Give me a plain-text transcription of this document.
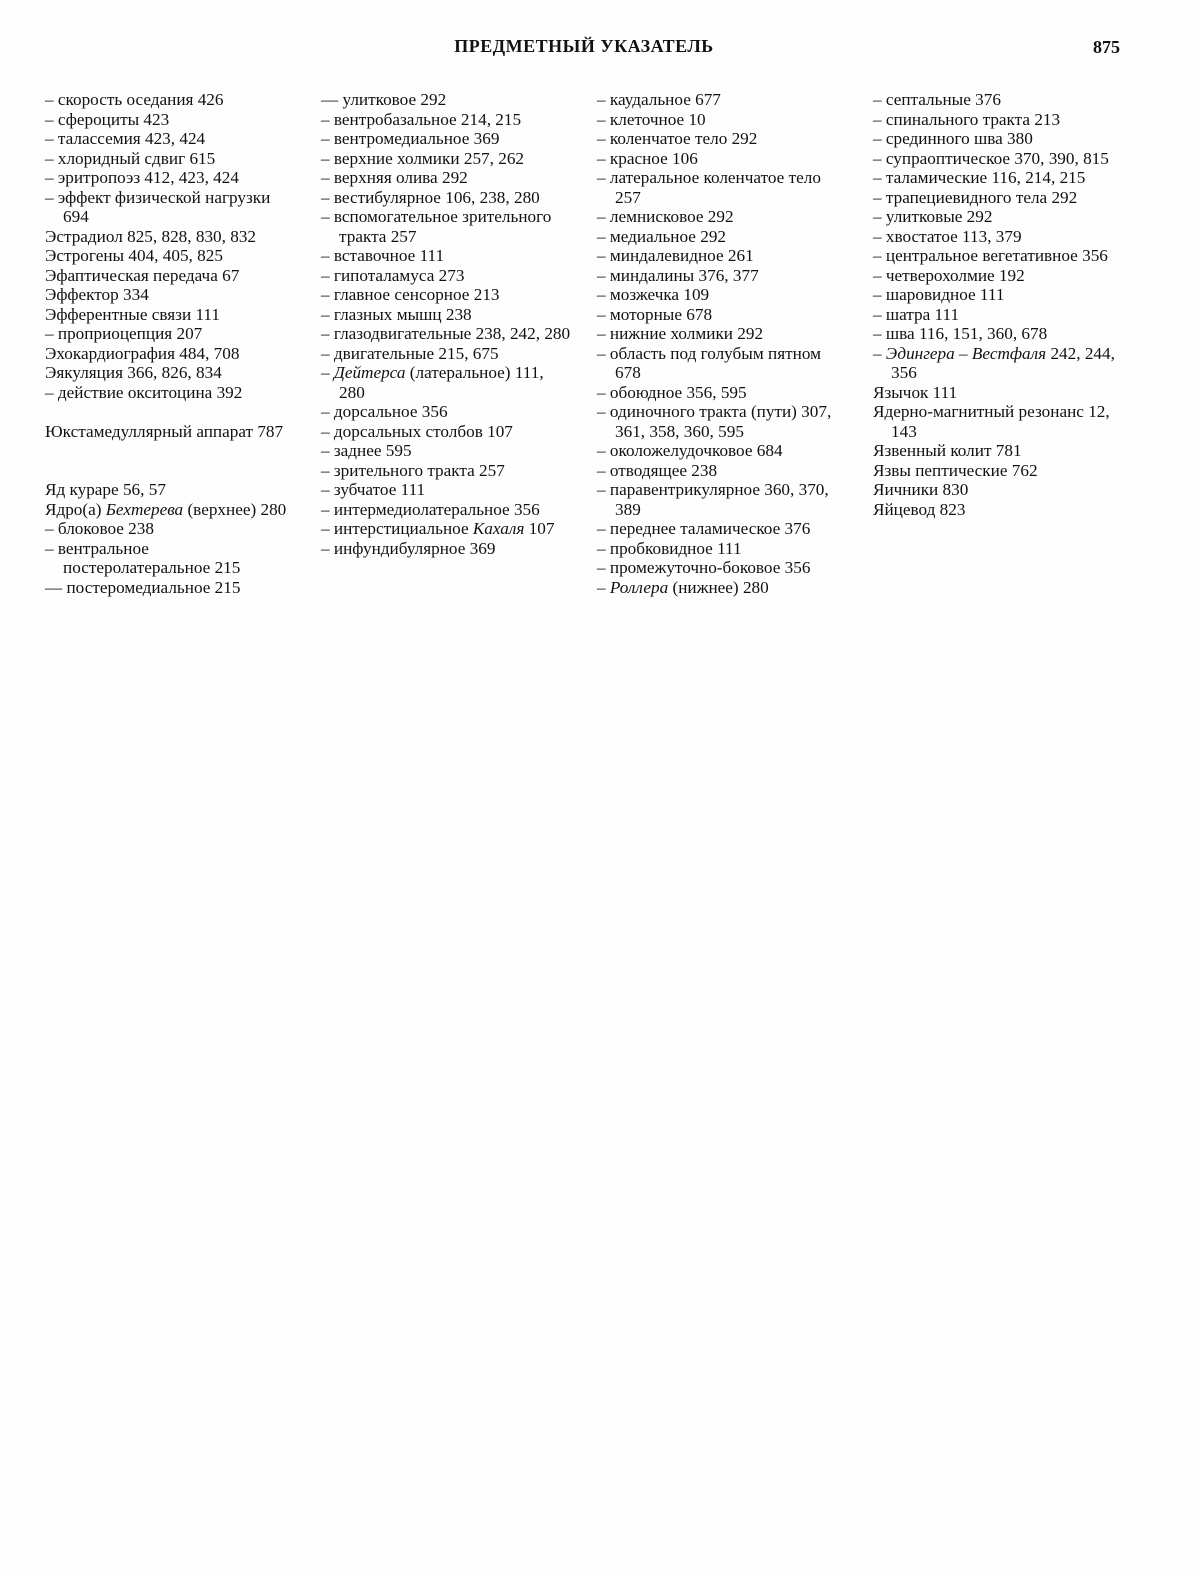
ПРЕДМЕТНЫЙ УКАЗАТЕЛЬ	875

– скорость оседания 426

– сфероциты 423

– талассемия 423, 424

– хлоридный сдвиг 615

– эритропоэз 412, 423, 424

– эффект физической нагрузки 694

Эстрадиол 825, 828, 830, 832

Эстрогены 404, 405, 825

Эфаптическая передача 67

Эффектор 334

Эфферентные связи 111

– проприоцепция 207

Эхокардиография 484, 708

Эякуляция 366, 826, 834

– действие окситоцина 392

Юкстамедуллярный аппарат 787

Яд кураре 56, 57

Ядро(а) Бехтерева (верхнее) 280

– блоковое 238

– вентральное постеролатеральное 215

–– постеромедиальное 215

–– улитковое 292

– вентробазальное 214, 215

– вентромедиальное 369

– верхние холмики 257, 262

– верхняя олива 292

– вестибулярное 106, 238, 280

– вспомогательное зрительного тракта 257

– вставочное 111

– гипоталамуса 273

– главное сенсорное 213

– глазных мышц 238

– глазодвигательные 238, 242, 280

– двигательные 215, 675

– Дейтерса (латеральное) 111, 280

– дорсальное 356

– дорсальных столбов 107

– заднее 595

– зрительного тракта 257

– зубчатое 111

– интермедиолатеральное 356

– интерстициальное Кахаля 107

– инфундибулярное 369

– каудальное 677

– клеточное 10

– коленчатое тело 292

– красное 106

– латеральное коленчатое тело 257

– лемнисковое 292

– медиальное 292

– миндалевидное 261

– миндалины 376, 377

– мозжечка 109

– моторные 678

– нижние холмики 292

– область под голубым пятном 678

– обоюдное 356, 595

– одиночного тракта (пути) 307, 361, 358, 360, 595

– околожелудочковое 684

– отводящее 238

– паравентрикулярное 360, 370, 389

– переднее таламическое 376

– пробковидное 111

– промежуточно-боковое 356

– Роллера (нижнее) 280

– септальные 376

– спинального тракта 213

– срединного шва 380

– супраоптическое 370, 390, 815

– таламические 116, 214, 215

– трапециевидного тела 292

– улитковые 292

– хвостатое 113, 379

– центральное вегетативное 356

– четверохолмие 192

– шаровидное 111

– шатра 111

– шва 116, 151, 360, 678

– Эдингера – Вестфаля 242, 244, 356

Язычок 111

Ядерно-магнитный резонанс 12, 143

Язвенный колит 781

Язвы пептические 762

Яичники 830

Яйцевод 823
